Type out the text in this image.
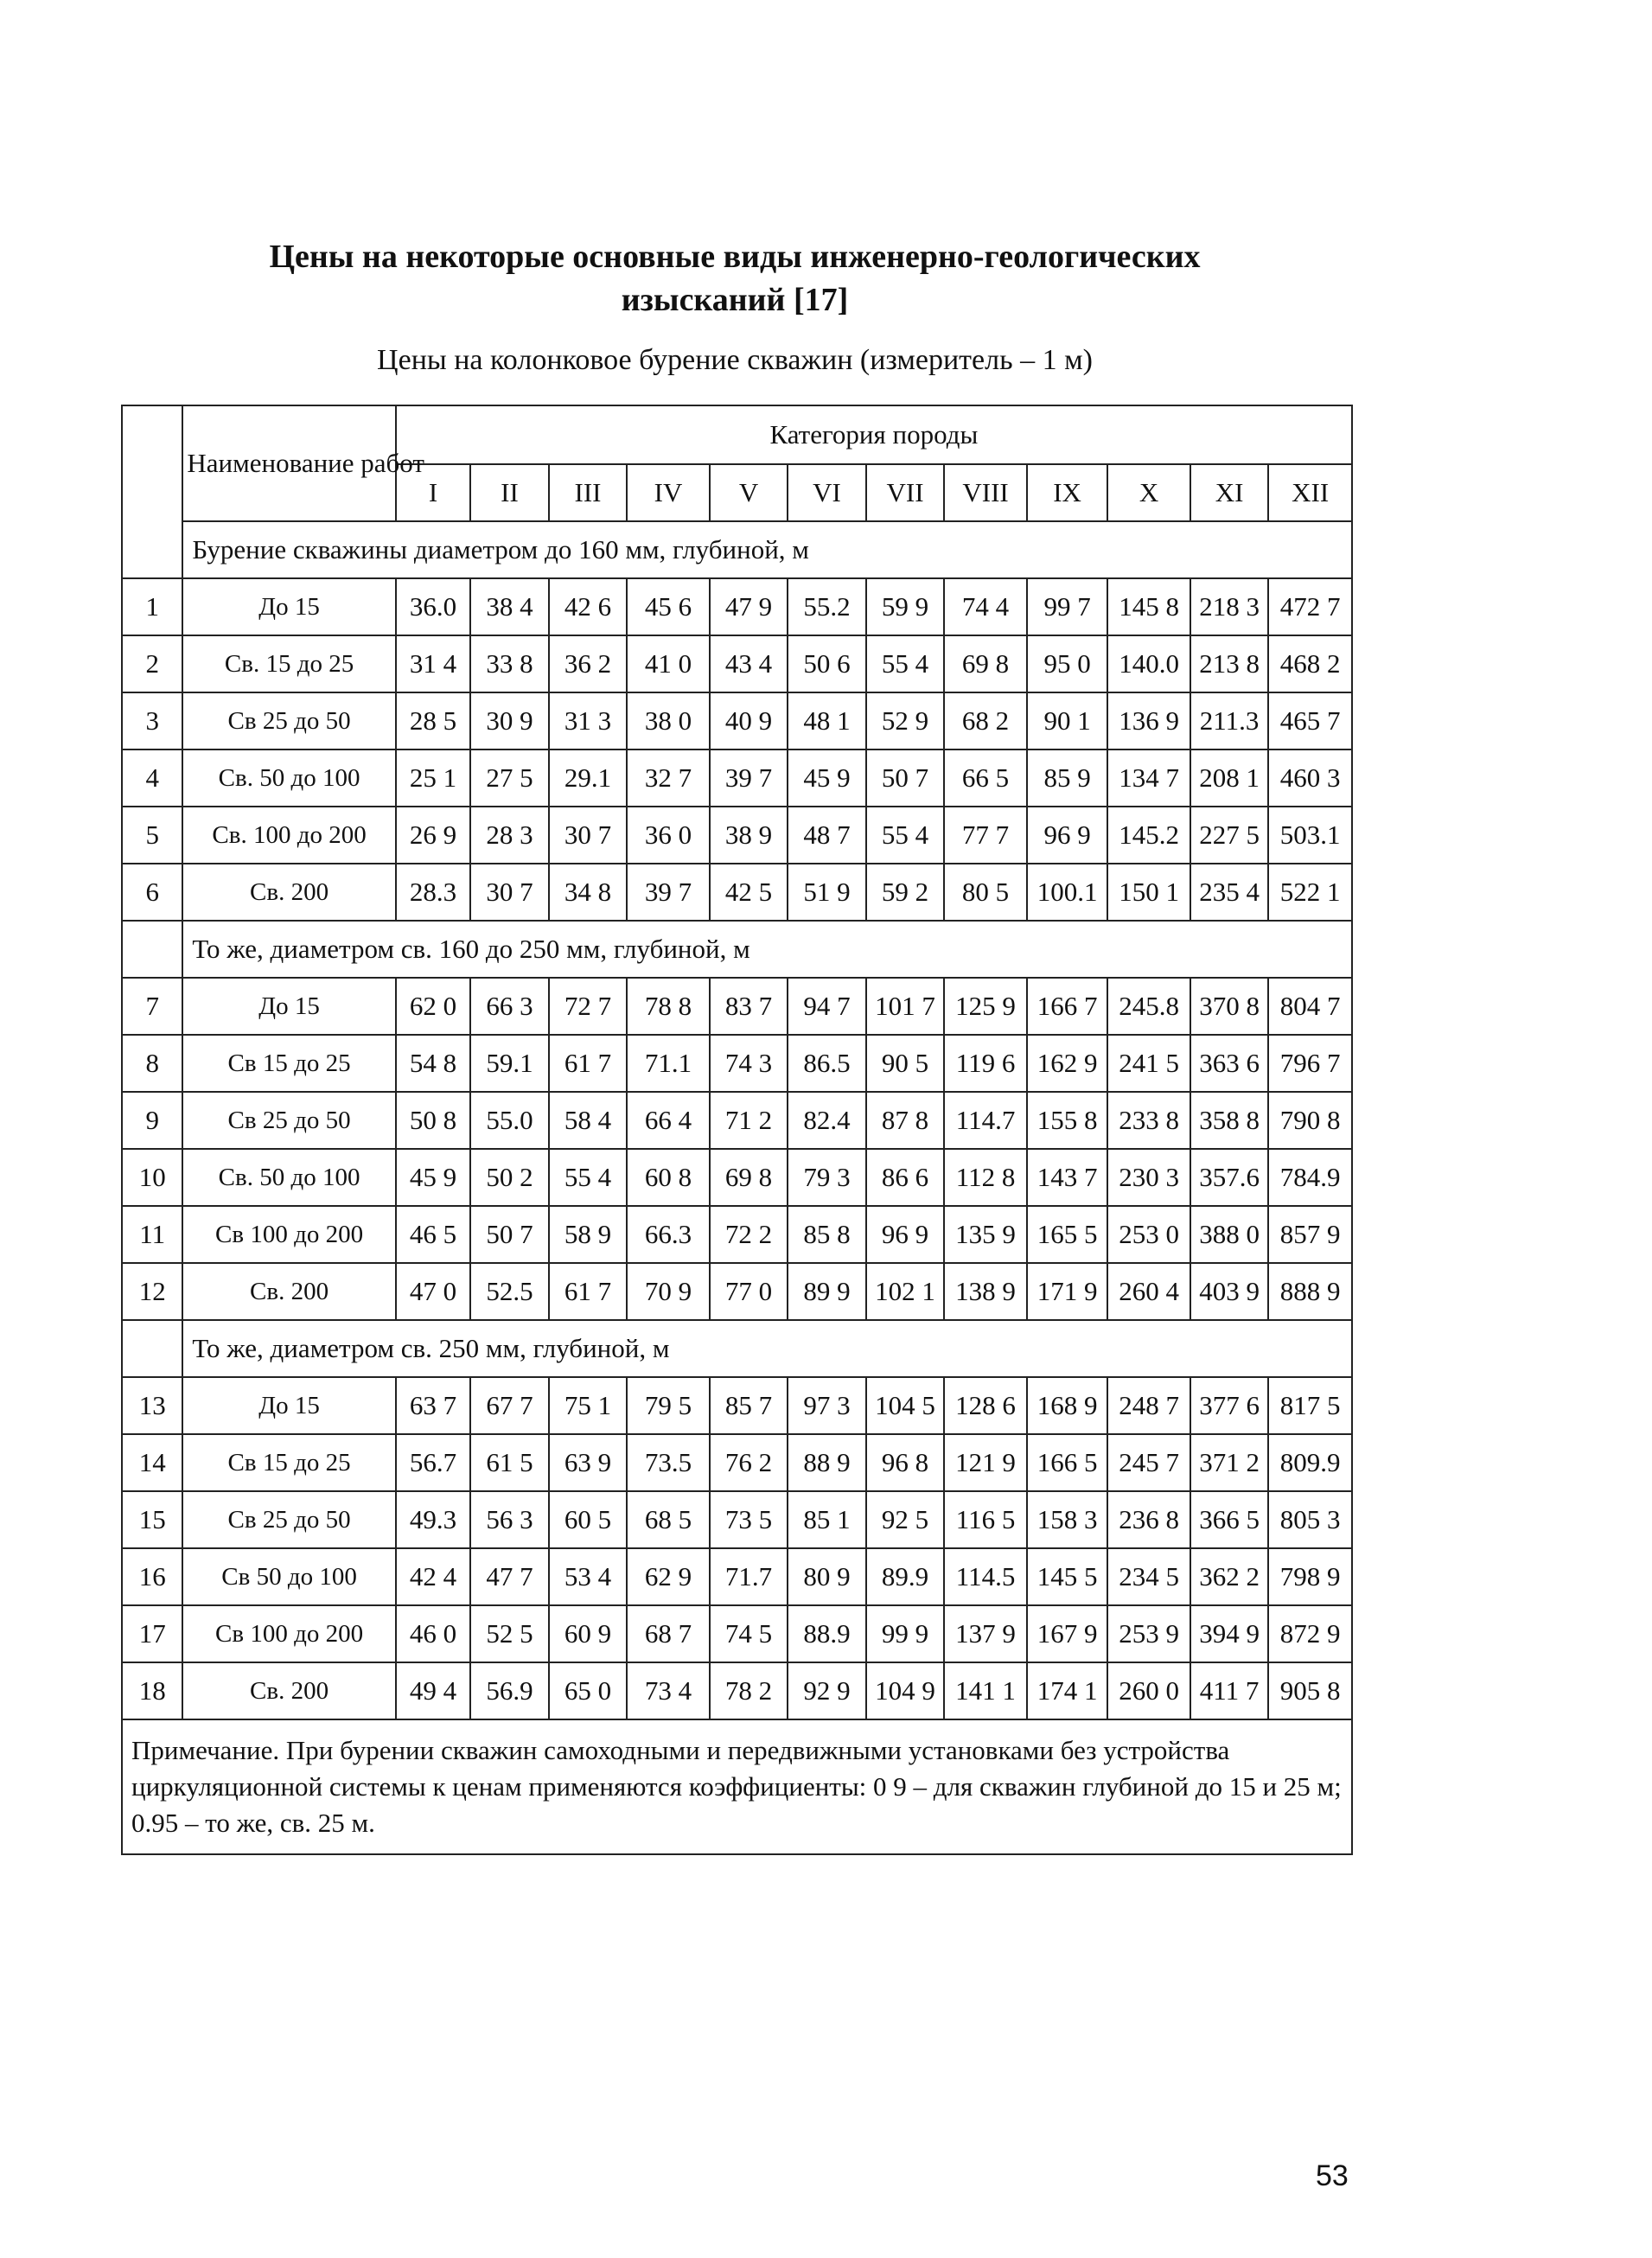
Цены на некоторые основные виды инженерно-геологических
изысканий [17]
Цены на колонковое бурение скважин (измеритель – 1 м)
	Наименование работ	Категория породы											
		I	II	III	IV	V	VI	VII	VIII	IX	X	XI	XII
	Бурение скважины диаметром до 160 мм, глубиной, м												
1	До 15	36.0	38 4	42 6	45 6	47 9	55.2	59 9	74 4	99 7	145 8	218 3	472 7
2	Св. 15 до 25	31 4	33 8	36 2	41 0	43 4	50 6	55 4	69 8	95 0	140.0	213 8	468 2
3	Св 25 до 50	28 5	30 9	31 3	38 0	40 9	48 1	52 9	68 2	90 1	136 9	211.3	465 7
4	Св. 50 до 100	25 1	27 5	29.1	32 7	39 7	45 9	50 7	66 5	85 9	134 7	208 1	460 3
5	Св. 100 до 200	26 9	28 3	30 7	36 0	38 9	48 7	55 4	77 7	96 9	145.2	227 5	503.1
6	Св. 200	28.3	30 7	34 8	39 7	42 5	51 9	59 2	80 5	100.1	150 1	235 4	522 1
	То же, диаметром св. 160 до 250 мм, глубиной, м												
7	До 15	62 0	66 3	72 7	78 8	83 7	94 7	101 7	125 9	166 7	245.8	370 8	804 7
8	Св 15 до 25	54 8	59.1	61 7	71.1	74 3	86.5	90 5	119 6	162 9	241 5	363 6	796 7
9	Св 25 до 50	50 8	55.0	58 4	66 4	71 2	82.4	87 8	114.7	155 8	233 8	358 8	790 8
10	Св. 50 до 100	45 9	50 2	55 4	60 8	69 8	79 3	86 6	112 8	143 7	230 3	357.6	784.9
11	Св 100 до 200	46 5	50 7	58 9	66.3	72 2	85 8	96 9	135 9	165 5	253 0	388 0	857 9
12	Св. 200	47 0	52.5	61 7	70 9	77 0	89 9	102 1	138 9	171 9	260 4	403 9	888 9
	То же, диаметром св. 250 мм, глубиной, м												
13	До 15	63 7	67 7	75 1	79 5	85 7	97 3	104 5	128 6	168 9	248 7	377 6	817 5
14	Св 15 до 25	56.7	61 5	63 9	73.5	76 2	88 9	96 8	121 9	166 5	245 7	371 2	809.9
15	Св 25 до 50	49.3	56 3	60 5	68 5	73 5	85 1	92 5	116 5	158 3	236 8	366 5	805 3
16	Св 50 до 100	42 4	47 7	53 4	62 9	71.7	80 9	89.9	114.5	145 5	234 5	362 2	798 9
17	Св 100 до 200	46 0	52 5	60 9	68 7	74 5	88.9	99 9	137 9	167 9	253 9	394 9	872 9
18	Св. 200	49 4	56.9	65 0	73 4	78 2	92 9	104 9	141 1	174 1	260 0	411 7	905 8
Примечание. При бурении скважин самоходными и передвижными установками без устройства циркуляционной системы к ценам применяются коэффициенты: 0 9 – для скважин глубиной до 15 и 25 м; 0.95 – то же, св. 25 м.													
53
